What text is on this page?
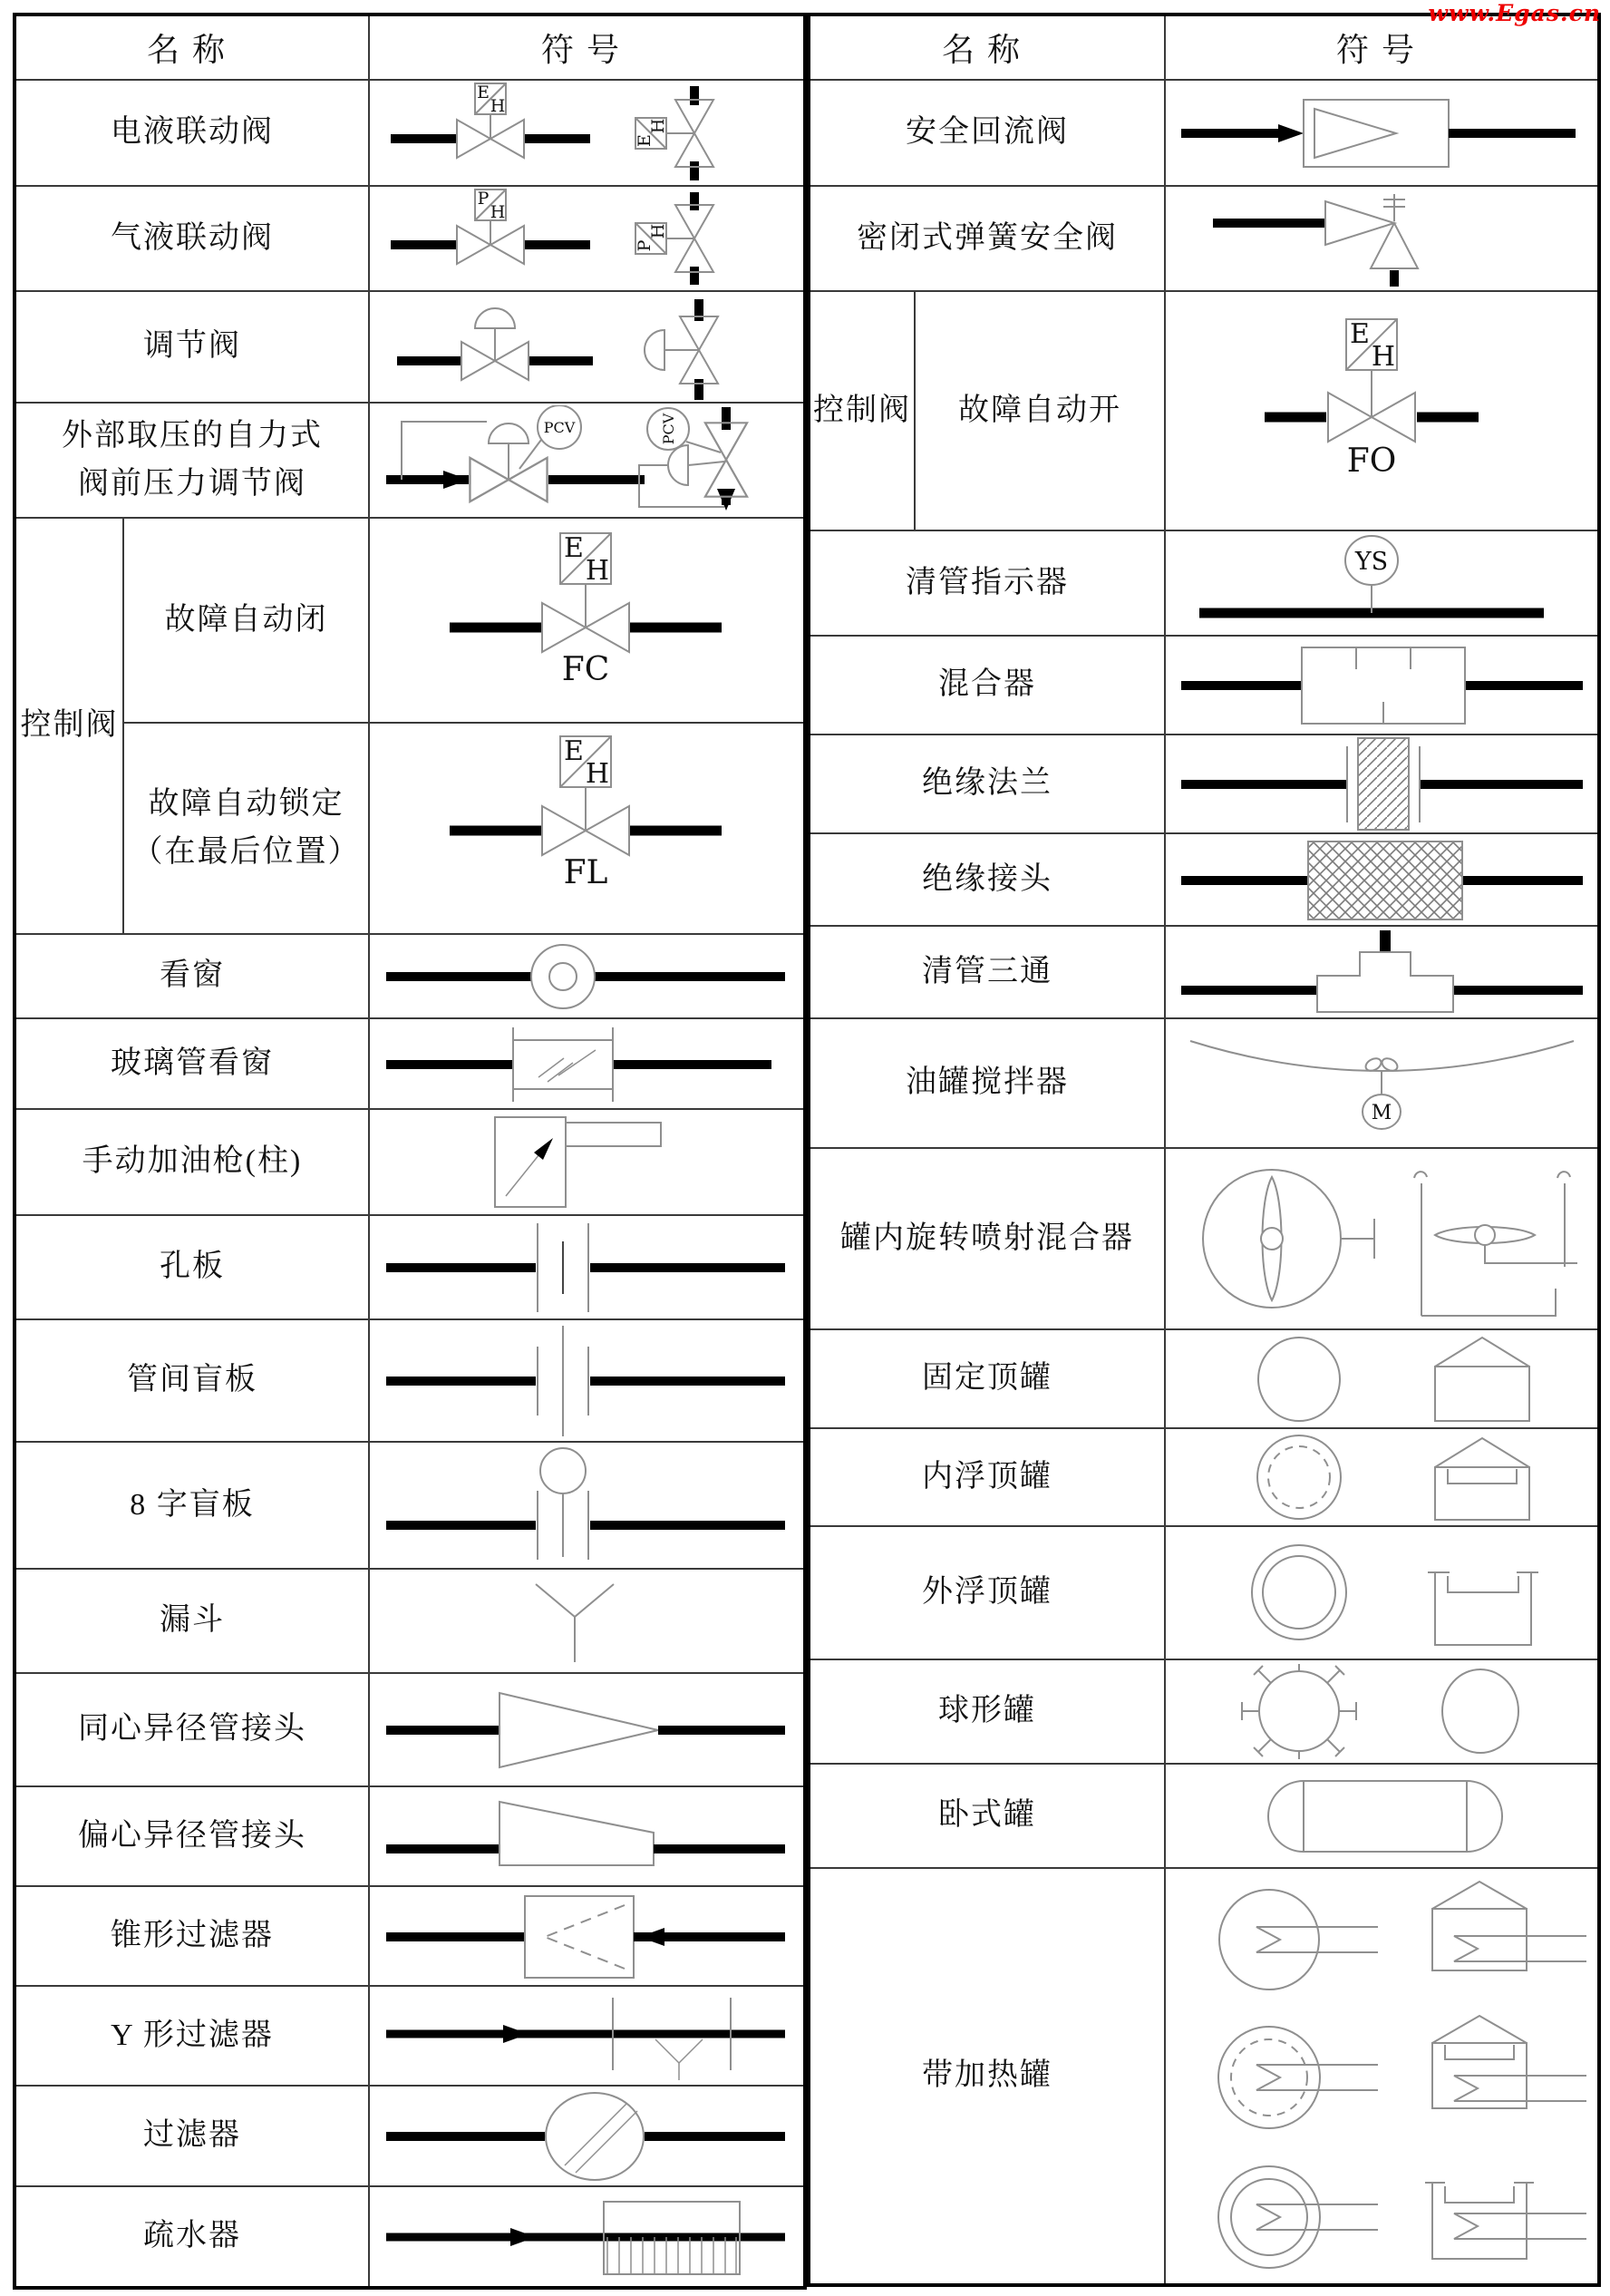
www.Egas.cn
名称		符号
电液联动阀		E
H
E
H

气液联动阀		P
H
P
H

调节阀	

外部取压的自力式
阀前压力调节阀

PCV	PCV

控制阀	故障自动闭	E
H
FC

故障自动锁定
（在最后位置）

E
H
FL

看窗	

玻璃管看窗	

手动加油枪(柱)	

孔板	

管间盲板	

8 字盲板	

漏斗	

同心异径管接头	

偏心异径管接头	

锥形过滤器	

Y 形过滤器	

过滤器	

疏水器	
名称		符号
安全回流阀	

密闭式弹簧安全阀	

控制阀	故障自动开	E
H
FO

清管指示器		YS

混合器	

绝缘法兰	

绝缘接头	

清管三通	

油罐搅拌器		M

罐内旋转喷射混合器	

固定顶罐	

内浮顶罐	

外浮顶罐	

球形罐	

卧式罐	

带加热罐	
